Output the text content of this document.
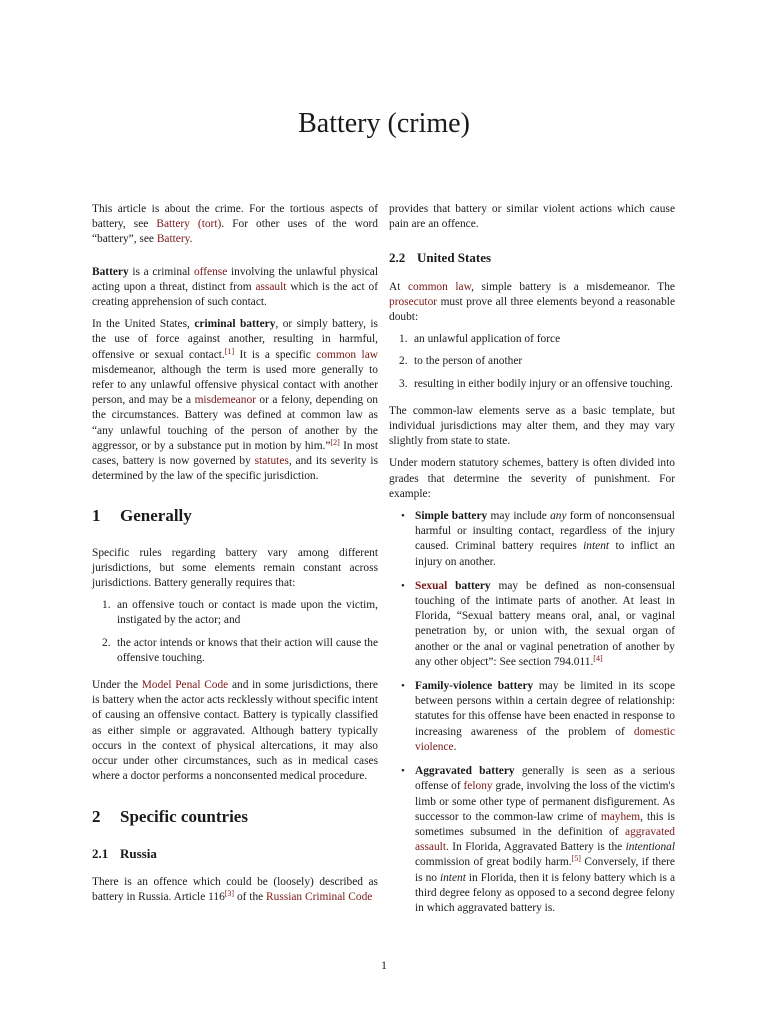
Battery (crime)

This article is about the crime. For the tortious aspects of battery, see Battery (tort). For other uses of the word “battery”, see Battery.

Battery is a criminal offense involving the unlawful physical acting upon a threat, distinct from assault which is the act of creating apprehension of such contact.

In the United States, criminal battery, or simply battery, is the use of force against another, resulting in harmful, offensive or sexual contact.[1] It is a specific common law misdemeanor, although the term is used more generally to refer to any unlawful offensive physical contact with another person, and may be a misdemeanor or a felony, depending on the circumstances. Battery was defined at common law as “any unlawful touching of the person of another by the aggressor, or by a substance put in motion by him.”[2] In most cases, battery is now governed by statutes, and its severity is determined by the law of the specific jurisdiction.

1 Generally

Specific rules regarding battery vary among different jurisdictions, but some elements remain constant across jurisdictions. Battery generally requires that:

1. an offensive touch or contact is made upon the victim, instigated by the actor; and
2. the actor intends or knows that their action will cause the offensive touching.

Under the Model Penal Code and in some jurisdictions, there is battery when the actor acts recklessly without specific intent of causing an offensive contact. Battery is typically classified as either simple or aggravated. Although battery typically occurs in the context of physical altercations, it may also occur under other circumstances, such as in medical cases where a doctor performs a nonconsented medical procedure.

2 Specific countries
2.1 Russia

There is an offence which could be (loosely) described as battery in Russia. Article 116[3] of the Russian Criminal Code

provides that battery or similar violent actions which cause pain are an offence.

2.2 United States

At common law, simple battery is a misdemeanor. The prosecutor must prove all three elements beyond a reasonable doubt:

1. an unlawful application of force
2. to the person of another
3. resulting in either bodily injury or an offensive touching.

The common-law elements serve as a basic template, but individual jurisdictions may alter them, and they may vary slightly from state to state.

Under modern statutory schemes, battery is often divided into grades that determine the severity of punishment. For example:

• Simple battery may include any form of nonconsensual harmful or insulting contact, regardless of the injury caused. Criminal battery requires intent to inflict an injury on another.
• Sexual battery may be defined as non-consensual touching of the intimate parts of another. At least in Florida, “Sexual battery means oral, anal, or vaginal penetration by, or union with, the sexual organ of another or the anal or vaginal penetration of another by any other object”: See section 794.011.[4]
• Family-violence battery may be limited in its scope between persons within a certain degree of relationship: statutes for this offense have been enacted in response to increasing awareness of the problem of domestic violence.
• Aggravated battery generally is seen as a serious offense of felony grade, involving the loss of the victim's limb or some other type of permanent disfigurement. As successor to the common-law crime of mayhem, this is sometimes subsumed in the definition of aggravated assault. In Florida, Aggravated Battery is the intentional commission of great bodily harm.[5] Conversely, if there is no intent in Florida, then it is felony battery which is a third degree felony as opposed to a second degree felony in which aggravated battery is.
1
